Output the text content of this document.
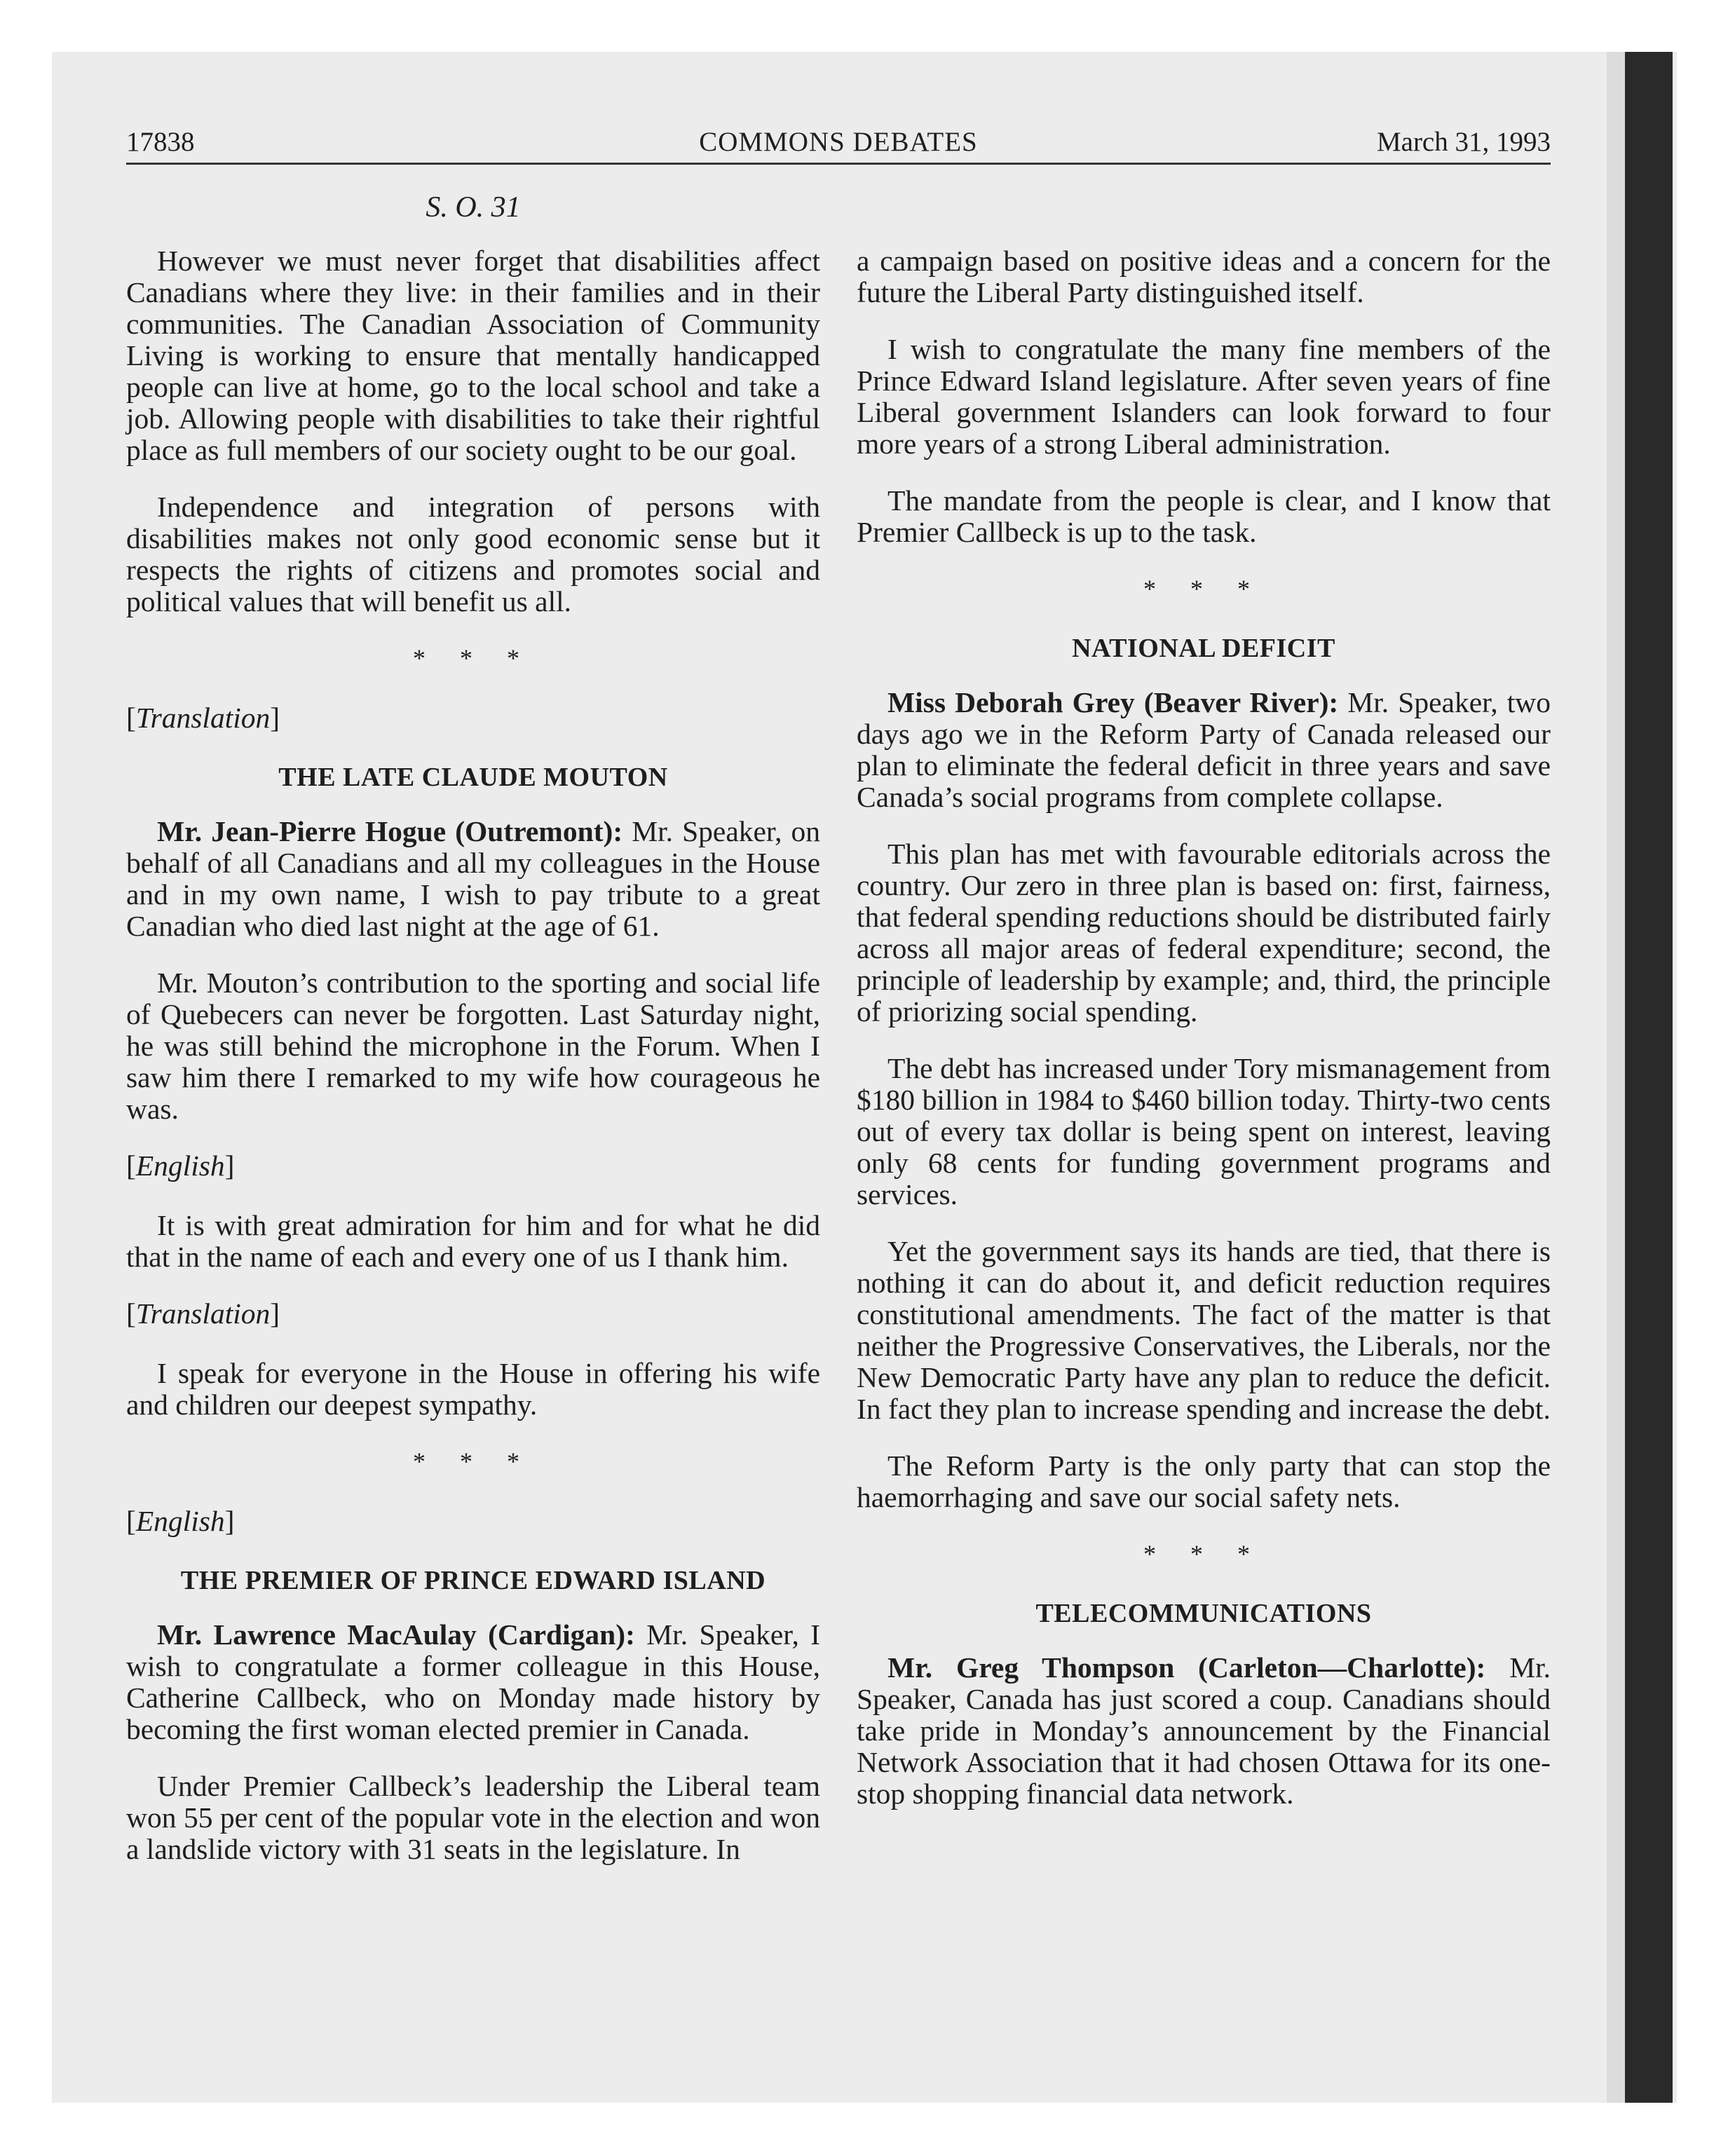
17838	COMMONS DEBATES	March 31, 1993
S. O. 31

However we must never forget that disabilities affect Canadians where they live: in their families and in their communities. The Canadian Association of Community Living is working to ensure that mentally handicapped people can live at home, go to the local school and take a job. Allowing people with disabilities to take their rightful place as full members of our society ought to be our goal.

Independence and integration of persons with disabilities makes not only good economic sense but it respects the rights of citizens and promotes social and political values that will benefit us all.

* * *
[Translation]
THE LATE CLAUDE MOUTON

Mr. Jean-Pierre Hogue (Outremont): Mr. Speaker, on behalf of all Canadians and all my colleagues in the House and in my own name, I wish to pay tribute to a great Canadian who died last night at the age of 61.

Mr. Mouton’s contribution to the sporting and social life of Quebecers can never be forgotten. Last Saturday night, he was still behind the microphone in the Forum. When I saw him there I remarked to my wife how courageous he was.

[English]

It is with great admiration for him and for what he did that in the name of each and every one of us I thank him.

[Translation]

I speak for everyone in the House in offering his wife and children our deepest sympathy.

* * *
[English]
THE PREMIER OF PRINCE EDWARD ISLAND

Mr. Lawrence MacAulay (Cardigan): Mr. Speaker, I wish to congratulate a former colleague in this House, Catherine Callbeck, who on Monday made history by becoming the first woman elected premier in Canada.

Under Premier Callbeck’s leadership the Liberal team won 55 per cent of the popular vote in the election and won a landslide victory with 31 seats in the legislature. In

a campaign based on positive ideas and a concern for the future the Liberal Party distinguished itself.

I wish to congratulate the many fine members of the Prince Edward Island legislature. After seven years of fine Liberal government Islanders can look forward to four more years of a strong Liberal administration.

The mandate from the people is clear, and I know that Premier Callbeck is up to the task.

* * *
NATIONAL DEFICIT

Miss Deborah Grey (Beaver River): Mr. Speaker, two days ago we in the Reform Party of Canada released our plan to eliminate the federal deficit in three years and save Canada’s social programs from complete collapse.

This plan has met with favourable editorials across the country. Our zero in three plan is based on: first, fairness, that federal spending reductions should be distributed fairly across all major areas of federal expenditure; second, the principle of leadership by example; and, third, the principle of priorizing social spending.

The debt has increased under Tory mismanagement from $180 billion in 1984 to $460 billion today. Thirty-two cents out of every tax dollar is being spent on interest, leaving only 68 cents for funding government programs and services.

Yet the government says its hands are tied, that there is nothing it can do about it, and deficit reduction requires constitutional amendments. The fact of the matter is that neither the Progressive Conservatives, the Liberals, nor the New Democratic Party have any plan to reduce the deficit. In fact they plan to increase spending and increase the debt.

The Reform Party is the only party that can stop the haemorrhaging and save our social safety nets.

* * *
TELECOMMUNICATIONS

Mr. Greg Thompson (Carleton—Charlotte): Mr. Speaker, Canada has just scored a coup. Canadians should take pride in Monday’s announcement by the Financial Network Association that it had chosen Ottawa for its one-stop shopping financial data network.
